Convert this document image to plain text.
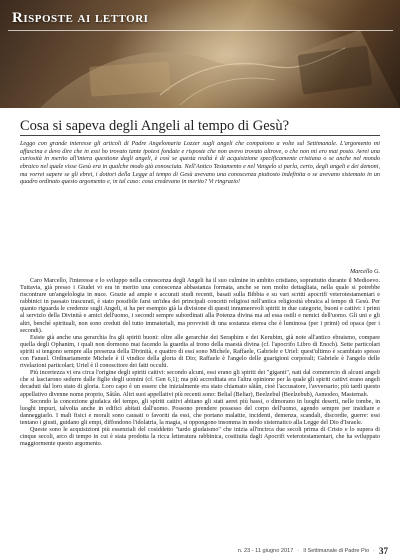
Risposte ai lettori
Cosa si sapeva degli Angeli al tempo di Gesù?

Leggo con grande interesse gli articoli di Padre Angelomaria Lozzer sugli angeli che compaiono a volte sul Settimanale. L'argomento mi affascina e devo dire che in essi ho trovato tante ipotesi fondate e risposte che non avevo trovato altrove, o che non mi ero mai posto. Avrei una curiosità in merito all'intera questione degli angeli, è così se questa realtà è di acquisizione specificamente cristiana o se anche nel mondo ebraico nel quale visse Gesù era in qualche modo già conosciuta. Nell'Antico Testamento e nel Vangelo si parla, certo, degli angeli e dei demoni, ma vorrei sapere se gli ebrei, i dottori della Legge al tempo di Gesù avevano una conoscenza piuttosto indefinita o se avevano sistemato in un quadro ordinato questo argomento e, in tal caso: cosa credevano in merito? Vi ringrazio!

Marcello G.

Caro Marcello, l'interesse e lo sviluppo nella conoscenza degli Angeli ha il suo culmine in ambito cristiano, soprattutto durante il Medioevo. Tuttavia, già presso i Giudei vi era in merito una conoscenza abbastanza formata, anche se non molto dettagliata, nella quale si potrebbe riscontrare un'angelologia in nuce. Grazie ad ampie e accurati studi recenti, basati sulla Bibbia e su vari scritti apocrifi veterotestamentari e rabbinici in passato trascurati, è stato possibile farsi un'idea dei principali concetti religiosi nell'antica religiosità ebraica al tempo di Gesù. Per quanto riguarda le credenze sugli Angeli, si ha per esempio già la divisione di questi innumerevoli spiriti in due categorie, buoni e cattivi: i primi al servizio della Divinità e amici dell'uomo, i secondi sempre subordinati alla Potenza divina ma ad essa ostili e nemici dell'uomo. Gli uni e gli altri, benché spirituali, non sono creduti del tutto immateriali, ma provvisti di una sostanza eterea che è luminosa (per i primi) od opaca (per i secondi).

Esiste già anche una gerarchia fra gli spiriti buoni: oltre alle gerarchie dei Seraphim e dei Kerubim, già note all'antico ebraismo, compare quella degli Ophanim, i quali non dormono mai facendo la guardia al trono della maestà divina (cf. l'apocrifo Libro di Enoch). Sette particolari spiriti si tengono sempre alla presenza della Divinità, e quattro di essi sono Michele, Raffaele, Gabriele e Uriel: quest'ultimo è scambiato spesso con Fanuel. Ordinariamente Michele è il vindice della gloria di Dio; Raffaele è l'angelo delle guarigioni corporali; Gabriele è l'angelo delle rivelazioni particolari; Uriel è il conoscitore dei fatti occulti.

Più incertezza vi era circa l'origine degli spiriti cattivi: secondo alcuni, essi erano gli spiriti dei "giganti", nati dal commercio di alcuni angeli che si lasciarono sedurre dalle figlie degli uomini (cf. Gen 6,1); ma più accreditata era l'altra opinione per la quale gli spiriti cattivi erano angeli decaduti dal loro stato di gloria. Loro capo è un essere che inizialmente era stato chiamato sâtân, cioè l'accusatore, l'avversario; più tardi questo appellativo divenne nome proprio, Sâtân. Altri suoi appellativi più recenti sono: Belial (Beliar), Beelzebul (Beelzebub), Asmodeo, Mastemah.

Secondo la concezione giudaica del tempo, gli spiriti cattivi abitano gli stati aerei più bassi, o dimorano in luoghi deserti, nelle tombe, in luoghi impuri, talvolta anche in edifici abitati dall'uomo. Possono prendere possesso del corpo dell'uomo, agendo sempre per insidiare e danneggiarlo. I mali fisici e morali sono causati o favoriti da essi, che portano malattie, incidenti, demenza, scandali, discordie, guerre: essi tentano i giusti, guidano gli empi, diffondono l'idolatria, la magia, si oppongono insomma in modo sistematico alla Legge del Dio d'Israele.

Queste sono le acquisizioni più essenziali del cosiddetto "tardo giudaismo" che inizia all'incirca due secoli prima di Cristo e lo supera di cinque secoli, arco di tempo in cui è stata prodotta la ricca letteratura rabbinica, costituita dagli Apocrifi veterotestamentari, che ha sviluppato maggiormente questo argomento.

n. 23 - 11 giugno 2017 - Il Settimanale di Padre Pio - 37
